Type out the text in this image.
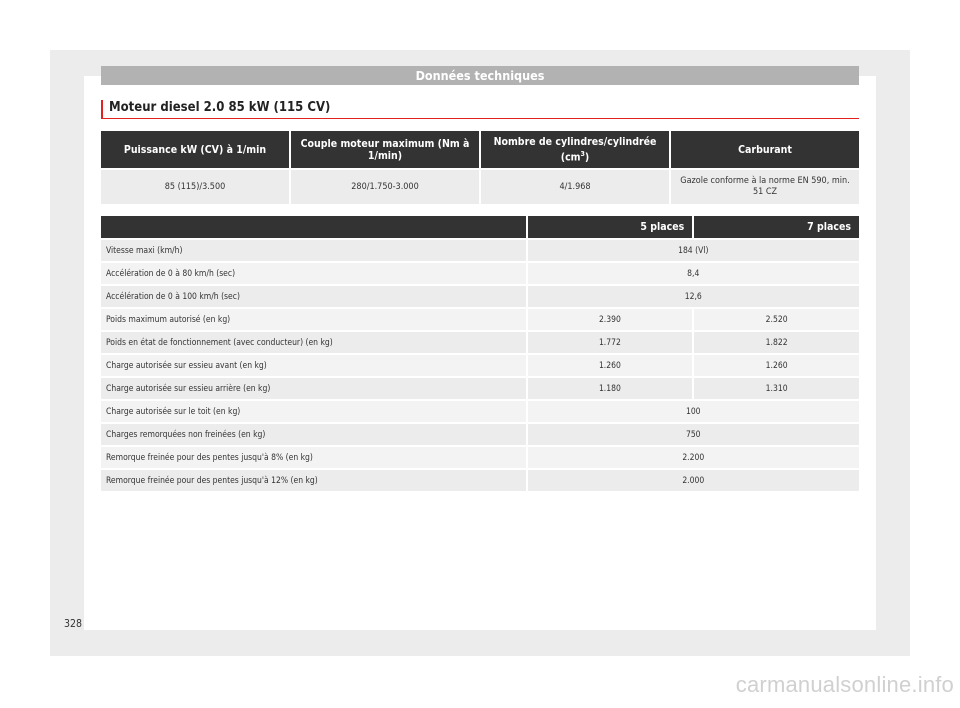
Données techniques
Moteur diesel 2.0 85 kW (115 CV)
Puissance kW (CV) à 1/min	Couple moteur maximum (Nm à 1/min)	Nombre de cylindres/cylindrée $(cm^3)$	Carburant
85 (115)/3.500	280/1.750-3.000	4/1.968	Gazole conforme à la norme EN 590, min. 51 CZ
	5 places	7 places
Vitesse maxi (km/h)	184 (Vl)	
Accélération de 0 à 80 km/h (sec)	8,4	
Accélération de 0 à 100 km/h (sec)	12,6	
Poids maximum autorisé (en kg)	2.390	2.520
Poids en état de fonctionnement (avec conducteur) (en kg)	1.772	1.822
Charge autorisée sur essieu avant (en kg)	1.260	1.260
Charge autorisée sur essieu arrière (en kg)	1.180	1.310
Charge autorisée sur le toit (en kg)	100	
Charges remorquées non freinées (en kg)	750	
Remorque freinée pour des pentes jusqu'à 8% (en kg)	2.200	
Remorque freinée pour des pentes jusqu'à 12% (en kg)	2.000	
328
carmanualsonline.info
